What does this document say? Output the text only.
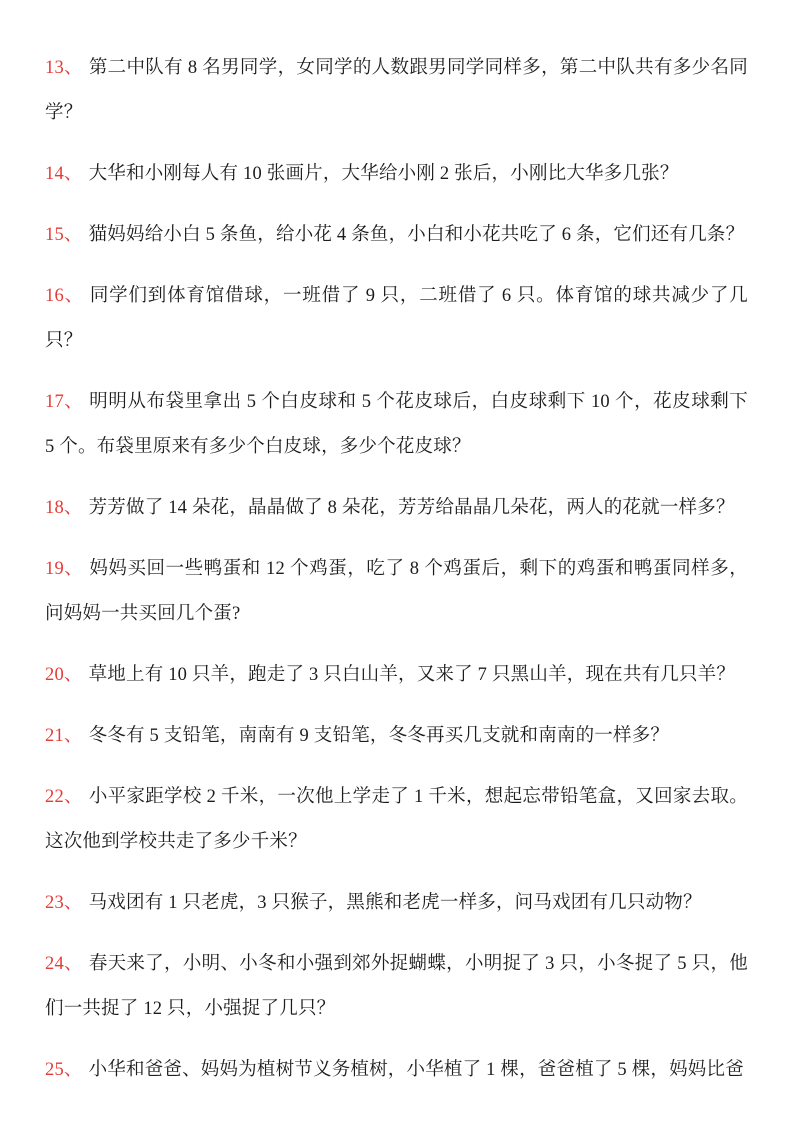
13、 第二中队有 8 名男同学，女同学的人数跟男同学同样多，第二中队共有多少名同学？

14、 大华和小刚每人有 10 张画片，大华给小刚 2 张后，小刚比大华多几张？

15、 猫妈妈给小白 5 条鱼，给小花 4 条鱼，小白和小花共吃了 6 条，它们还有几条？

16、 同学们到体育馆借球，一班借了 9 只，二班借了 6 只。体育馆的球共减少了几只？

17、 明明从布袋里拿出 5 个白皮球和 5 个花皮球后，白皮球剩下 10 个，花皮球剩下 5 个。布袋里原来有多少个白皮球，多少个花皮球？

18、 芳芳做了 14 朵花，晶晶做了 8 朵花，芳芳给晶晶几朵花，两人的花就一样多？

19、 妈妈买回一些鸭蛋和 12 个鸡蛋，吃了 8 个鸡蛋后，剩下的鸡蛋和鸭蛋同样多，问妈妈一共买回几个蛋?

20、 草地上有 10 只羊，跑走了 3 只白山羊，又来了 7 只黑山羊，现在共有几只羊？

21、 冬冬有 5 支铅笔，南南有 9 支铅笔，冬冬再买几支就和南南的一样多？

22、 小平家距学校 2 千米，一次他上学走了 1 千米，想起忘带铅笔盒，又回家去取。这次他到学校共走了多少千米？

23、 马戏团有 1 只老虎，3 只猴子，黑熊和老虎一样多，问马戏团有几只动物？

24、 春天来了，小明、小冬和小强到郊外捉蝴蝶，小明捉了 3 只，小冬捉了 5 只，他们一共捉了 12 只，小强捉了几只？

25、 小华和爸爸、妈妈为植树节义务植树，小华植了 1 棵，爸爸植了 5 棵，妈妈比爸
